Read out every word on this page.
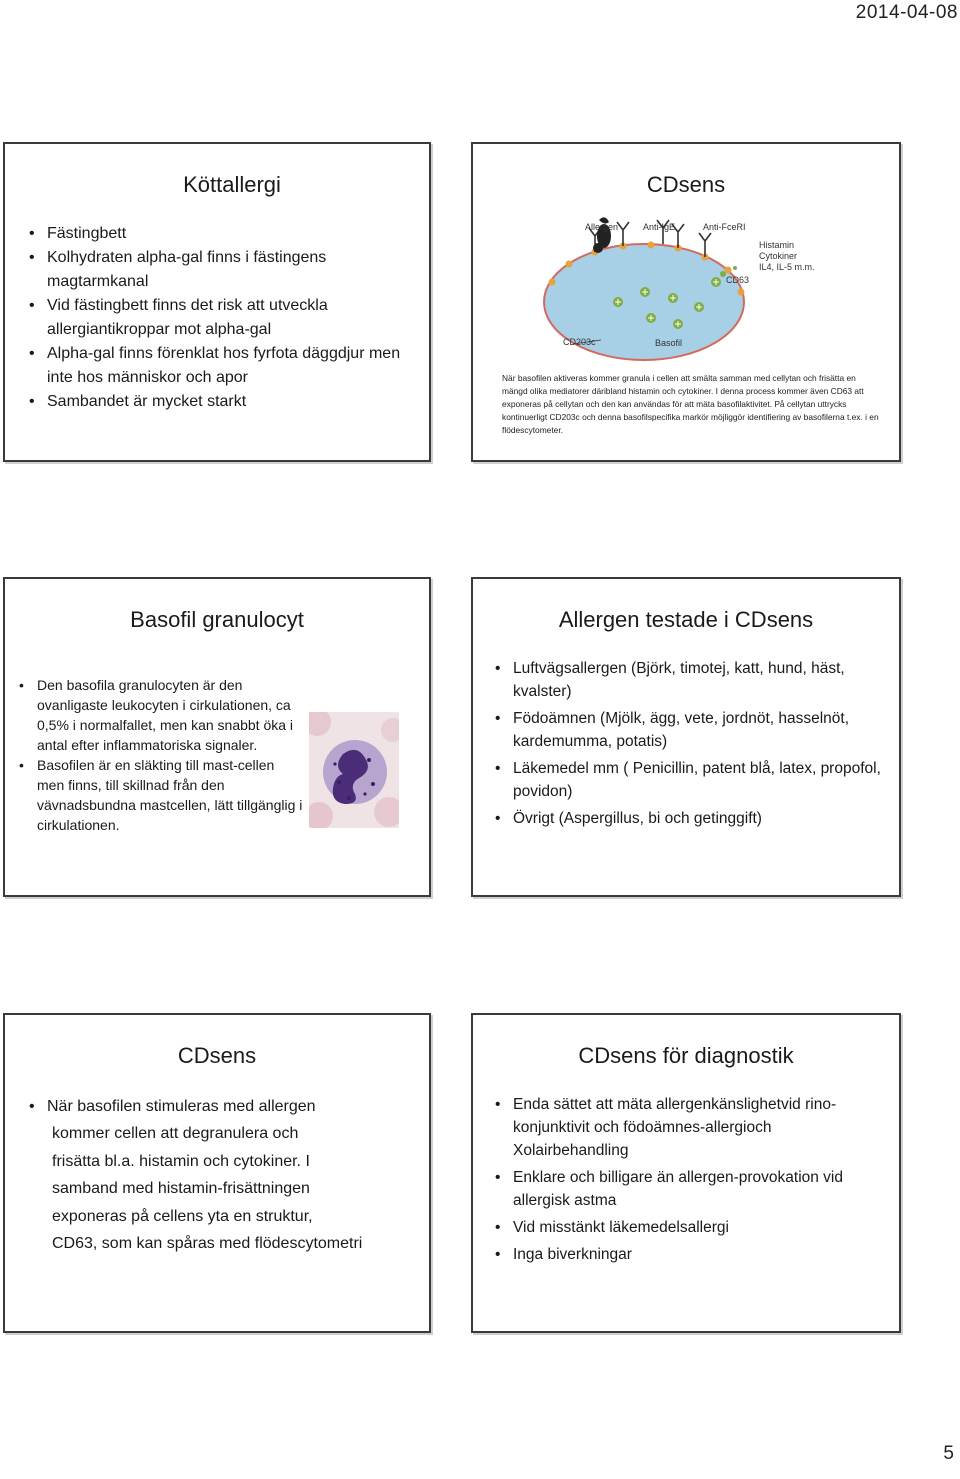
2014-04-08
Köttallergi
• Fästingbett
• Kolhydraten alpha-gal finns i fästingens magtarmkanal
• Vid fästingbett finns det risk att utveckla allergiantikroppar mot alpha-gal
• Alpha-gal finns förenklat hos fyrfota däggdjur men inte hos människor och apor
• Sambandet är mycket starkt
CDsens
Allergen	Anti-IgE	Anti-FceRI
Histamin
Cytokiner
IL4, IL-5 m.m.
CD63
CD203c	Basofil
När basofilen aktiveras kommer granula i cellen att smälta samman med cellytan och frisätta en mängd olika mediatorer däribland histamin och cytokiner. I denna process kommer även CD63 att exponeras på cellytan och den kan användas för att mäta basofilaktivitet. På cellytan uttrycks kontinuerligt CD203c och denna basofilspecifika markör möjliggör identifiering av basofilerna t.ex. i en flödescytometer.
Basofil granulocyt
• Den basofila granulocyten är den ovanligaste leukocyten i cirkulationen, ca 0,5% i normalfallet, men kan snabbt öka i antal efter inflammatoriska signaler.
• Basofilen är en släkting till mast-cellen men finns, till skillnad från den vävnadsbundna mastcellen, lätt tillgänglig i cirkulationen.
Allergen testade i CDsens
• Luftvägsallergen (Björk, timotej, katt, hund, häst, kvalster)
• Födoämnen (Mjölk, ägg, vete, jordnöt, hasselnöt, kardemumma, potatis)
• Läkemedel mm ( Penicillin, patent blå, latex, propofol, povidon)
• Övrigt (Aspergillus, bi och getinggift)
CDsens
• När basofilen stimuleras med allergen
kommer cellen att degranulera och
frisätta bl.a. histamin och cytokiner. I
samband med histamin-frisättningen
exponeras på cellens yta en struktur,
CD63, som kan spåras med flödescytometri
CDsens för diagnostik
• Enda sättet att mäta allergenkänslighetvid rino-konjunktivit och födoämnes-allergioch Xolairbehandling
• Enklare och billigare än allergen-provokation vid allergisk astma
• Vid misstänkt läkemedelsallergi
• Inga biverkningar
5
